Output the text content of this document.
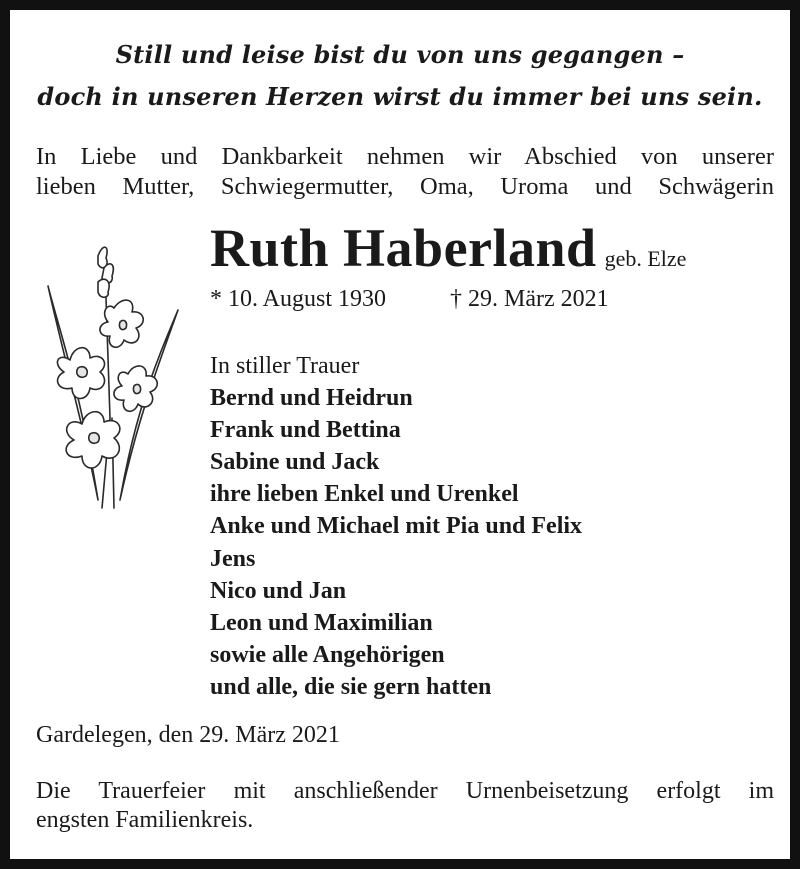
Still und leise bist du von uns gegangen –
doch in unseren Herzen wirst du immer bei uns sein.
In Liebe und Dankbarkeit nehmen wir Abschied von unserer
lieben Mutter, Schwiegermutter, Oma, Uroma und Schwägerin
Ruth Haberland geb. Elze
* 10. August 1930	† 29. März 2021
In stiller Trauer
Bernd und Heidrun
Frank und Bettina
Sabine und Jack
ihre lieben Enkel und Urenkel
Anke und Michael mit Pia und Felix
Jens
Nico und Jan
Leon und Maximilian
sowie alle Angehörigen
und alle, die sie gern hatten
Gardelegen, den 29. März 2021
Die Trauerfeier mit anschließender Urnenbeisetzung erfolgt im
engsten Familienkreis.
